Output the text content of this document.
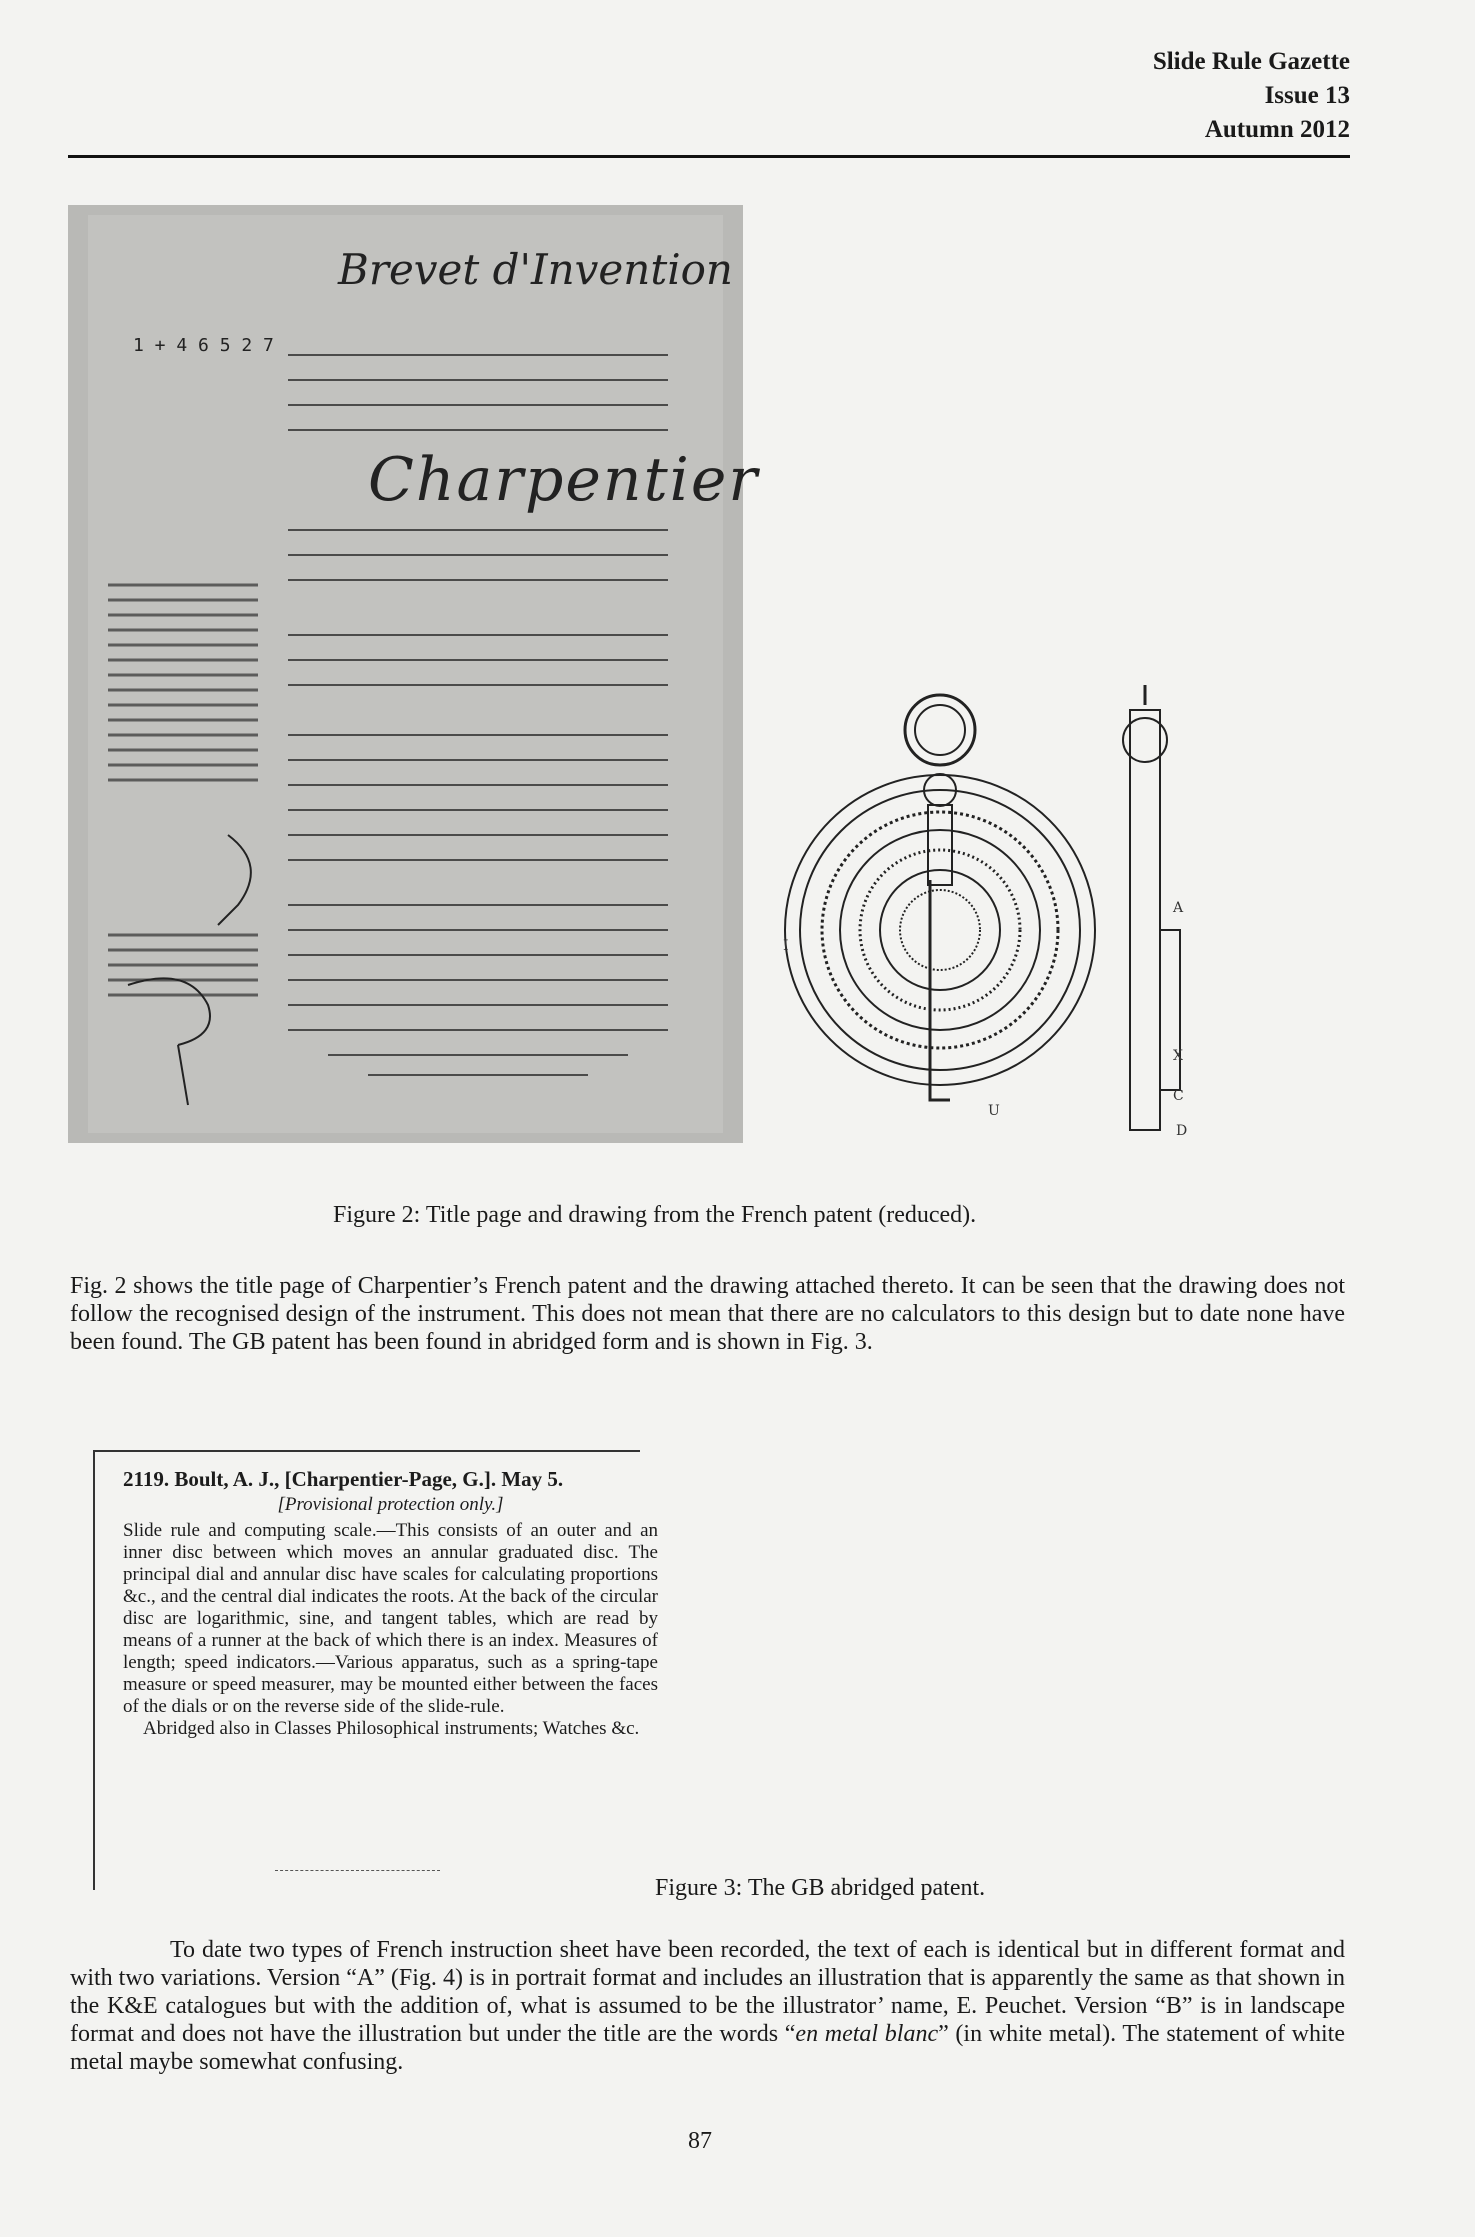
Slide Rule Gazette
Issue 13
Autumn 2012
Brevet d'Invention
1 + 4 6 5 2 7
Charpentier
I
A
X
C
D
U
Figure 2: Title page and drawing from the French patent (reduced).
Fig. 2 shows the title page of Charpentier’s French patent and the drawing attached thereto. It can be seen that the drawing does not follow the recognised design of the instrument. This does not mean that there are no calculators to this design but to date none have been found. The GB patent has been found in abridged form and is shown in Fig. 3.
2119. Boult, A. J., [Charpentier-Page, G.]. May 5.
[Provisional protection only.]
Slide rule and computing scale.—This consists of an outer and an inner disc between which moves an annular graduated disc. The principal dial and annular disc have scales for calculating proportions &c., and the central dial indicates the roots. At the back of the circular disc are logarithmic, sine, and tangent tables, which are read by means of a runner at the back of which there is an index. Measures of length; speed indicators.—Various apparatus, such as a spring-tape measure or speed measurer, may be mounted either between the faces of the dials or on the reverse side of the slide-rule.
Abridged also in Classes Philosophical instruments; Watches &c.
Figure 3: The GB abridged patent.
To date two types of French instruction sheet have been recorded, the text of each is identical but in different format and with two variations. Version “A” (Fig. 4) is in portrait format and includes an illustration that is apparently the same as that shown in the K&E catalogues but with the addition of, what is assumed to be the illustrator’ name, E. Peuchet. Version “B” is in landscape format and does not have the illustration but under the title are the words “en metal blanc” (in white metal). The statement of white metal maybe somewhat confusing.
87
